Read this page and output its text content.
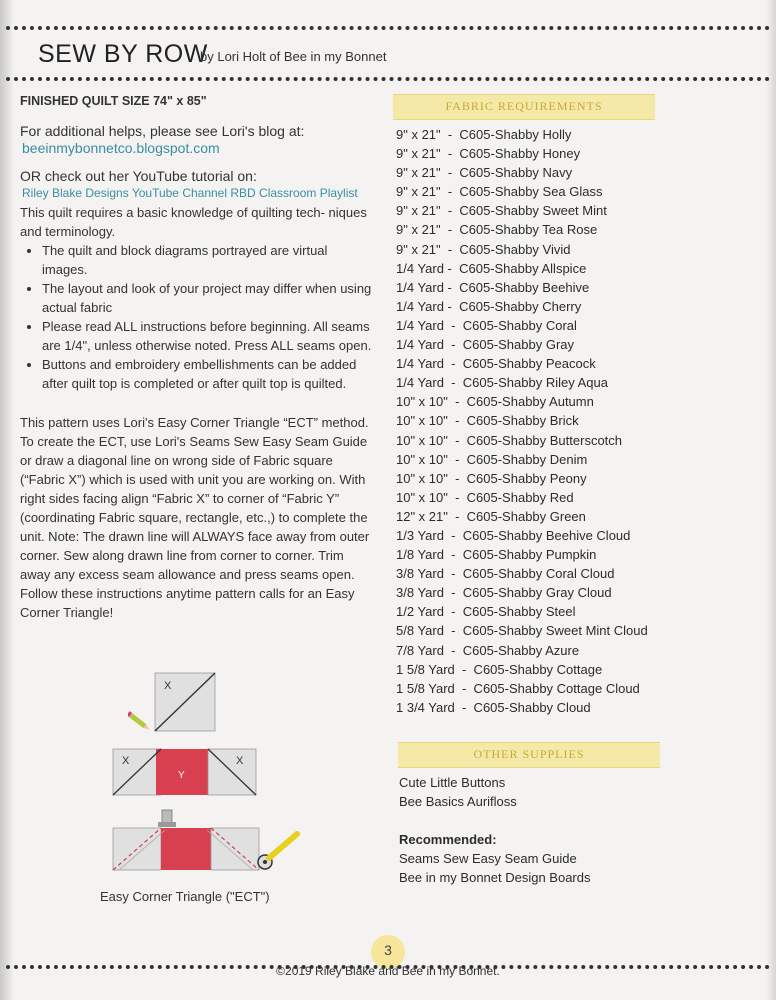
SEW BY ROW
by Lori Holt of Bee in my Bonnet
FINISHED QUILT SIZE 74" x 85"
For additional helps, please see Lori's blog at:
beeinmybonnetco.blogspot.com
OR check out her YouTube tutorial on:
Riley Blake Designs YouTube Channel RBD Classroom Playlist
This quilt requires a basic knowledge of quilting tech- niques and terminology.
• The quilt and block diagrams portrayed are virtual images.
• The layout and look of your project may differ when using actual fabric
• Please read ALL instructions before beginning. All seams are 1/4", unless otherwise noted. Press ALL seams open.
• Buttons and embroidery embellishments can be added after quilt top is completed or after quilt top is quilted.
This pattern uses Lori's Easy Corner Triangle “ECT” method. To create the ECT, use Lori's Seams Sew Easy Seam Guide or draw a diagonal line on wrong side of Fabric square (“Fabric X”) which is used with unit you are working on. With right sides facing align “Fabric X” to corner of “Fabric Y” (coordinating Fabric square, rectangle, etc.,) to complete the unit. Note: The drawn line will ALWAYS face away from outer corner. Sew along drawn line from corner to corner. Trim away any excess seam allowance and press seams open. Follow these instructions anytime pattern calls for an Easy Corner Triangle!
X
X
Y
X
Easy Corner Triangle ("ECT")
FABRIC REQUIREMENTS
9" x 21"  -  C605-Shabby Holly
9" x 21"  -  C605-Shabby Honey
9" x 21"  -  C605-Shabby Navy
9" x 21"  -  C605-Shabby Sea Glass
9" x 21"  -  C605-Shabby Sweet Mint
9" x 21"  -  C605-Shabby Tea Rose
9" x 21"  -  C605-Shabby Vivid
1/4 Yard -  C605-Shabby Allspice
1/4 Yard -  C605-Shabby Beehive
1/4 Yard -  C605-Shabby Cherry
1/4 Yard  -  C605-Shabby Coral
1/4 Yard  -  C605-Shabby Gray
1/4 Yard  -  C605-Shabby Peacock
1/4 Yard  -  C605-Shabby Riley Aqua
10" x 10"  -  C605-Shabby Autumn
10" x 10"  -  C605-Shabby Brick
10" x 10"  -  C605-Shabby Butterscotch
10" x 10"  -  C605-Shabby Denim
10" x 10"  -  C605-Shabby Peony
10" x 10"  -  C605-Shabby Red
12" x 21"  -  C605-Shabby Green
1/3 Yard  -  C605-Shabby Beehive Cloud
1/8 Yard  -  C605-Shabby Pumpkin
3/8 Yard  -  C605-Shabby Coral Cloud
3/8 Yard  -  C605-Shabby Gray Cloud
1/2 Yard  -  C605-Shabby Steel
5/8 Yard  -  C605-Shabby Sweet Mint Cloud
7/8 Yard  -  C605-Shabby Azure
1 5/8 Yard  -  C605-Shabby Cottage
1 5/8 Yard  -  C605-Shabby Cottage Cloud
1 3/4 Yard  -  C605-Shabby Cloud
OTHER SUPPLIES
Cute Little Buttons
Bee Basics Aurifloss
Recommended:
Seams Sew Easy Seam Guide
Bee in my Bonnet Design Boards
3
©2019 Riley Blake and Bee in my Bonnet.
